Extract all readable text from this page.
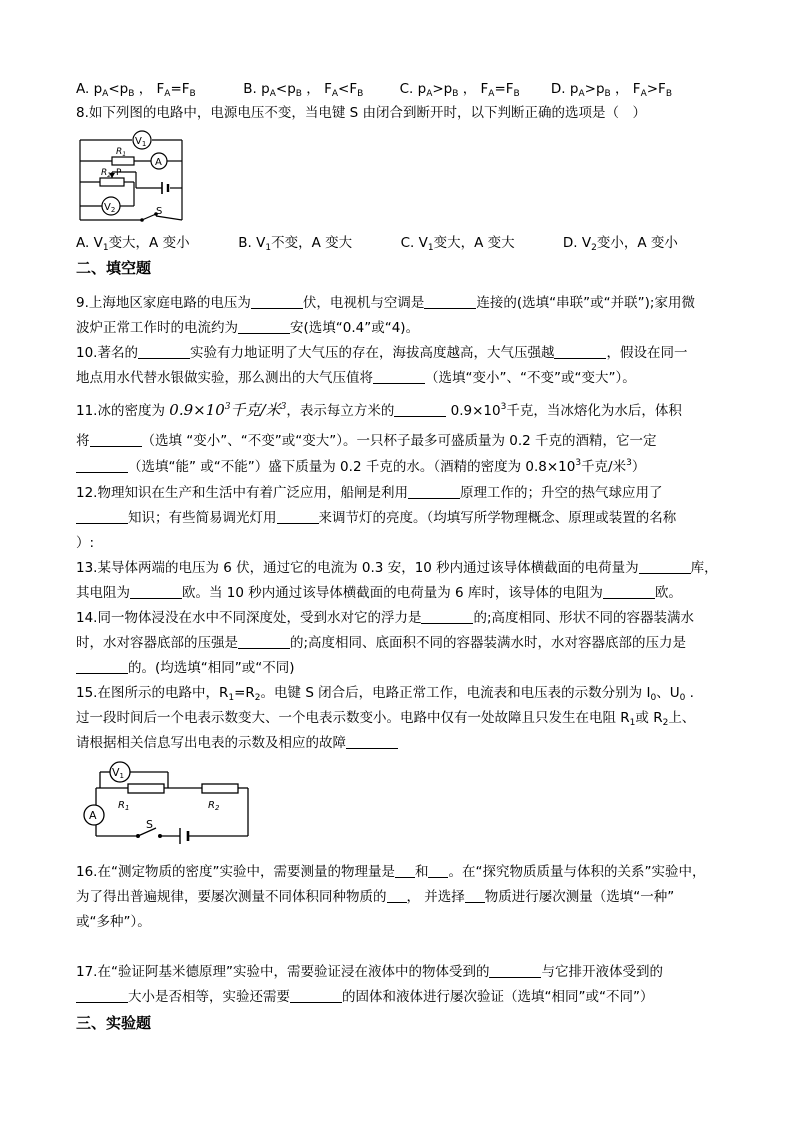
A. $p_A<p_B$ ， $F_A=F_B$	B. $p_A<p_B$ ， $F_A<F_B$	C. $p_A>p_B$ ， $F_A=F_B$ D. $p_A>p_B$ ， $F_A>F_B$
8.如下列图的电路中，电源电压不变，当电键 S 由闭合到断开时，以下判断正确的选项是（　）
$V_1$
$R_1$
A
$R_2$ P
$V_2$	S
A. $V_1$变大，A 变小	B. $V_1$不变，A 变大	C. $V_1$变大，A 变大	D. $V_2$变小，A 变小
二、填空题
9.上海地区家庭电路的电压为	伏，电视机与空调是	连接的(选填“串联”或“并联”);家用微
波炉正常工作时的电流约为	安(选填“0.4”或“4)。
10.著名的	实验有力地证明了大气压的存在，海拔高度越高，大气压强越	，假设在同一
地点用水代替水银做实验，那么测出的大气压值将	（选填“变小”、“不变”或“变大”）。
11.冰的密度为 $0.9\times 10^3$千克/米$^3$，表示每立方米的	$0.9\times 10^3$千克，当冰熔化为水后，体积
将	（选填 “变小”、“不变”或“变大”）。一只杯子最多可盛质量为 0.2 千克的酒精，它一定
（选填“能” 或“不能”）盛下质量为 0.2 千克的水。（酒精的密度为 $0.8\times 10^3$千克/米$^3$）
12.物理知识在生产和生活中有着广泛应用，船闸是利用	原理工作的；升空的热气球应用了
知识；有些简易调光灯用	来调节灯的亮度。（均填写所学物理概念、原理或装置的名称
）:
13.某导体两端的电压为 6 伏，通过它的电流为 0.3 安，10 秒内通过该导体横截面的电荷量为	库，
其电阻为	欧。当 10 秒内通过该导体横截面的电荷量为 6 库时，该导体的电阻为	欧。
14.同一物体浸没在水中不同深度处，受到水对它的浮力是	的;高度相同、形状不同的容器装满水
时，水对容器底部的压强是	的;高度相同、底面积不同的容器装满水时，水对容器底部的压力是
的。(均选填“相同”或“不同)
15.在图所示的电路中，$R_1=R_2$。电键 S 闭合后，电路正常工作，电流表和电压表的示数分别为 $I_0$、$U_0$ .
过一段时间后一个电表示数变大、一个电表示数变小。电路中仅有一处故障且只发生在电阻 $R_1$或 $R_2$上、
请根据相关信息写出电表的示数及相应的故障
V1
A
$R_1$	$R_2$
S
16.在“测定物质的密度”实验中，需要测量的物理量是 和 。在“探究物质质量与体积的关系”实验中，
为了得出普遍规律，要屡次测量不同体积同种物质的 ， 并选择 物质进行屡次测量（选填“一种”
或“多种”）。
17.在“验证阿基米德原理”实验中，需要验证浸在液体中的物体受到的	与它排开液体受到的
大小是否相等，实验还需要	的固体和液体进行屡次验证（选填“相同”或“不同”）
三、实验题
